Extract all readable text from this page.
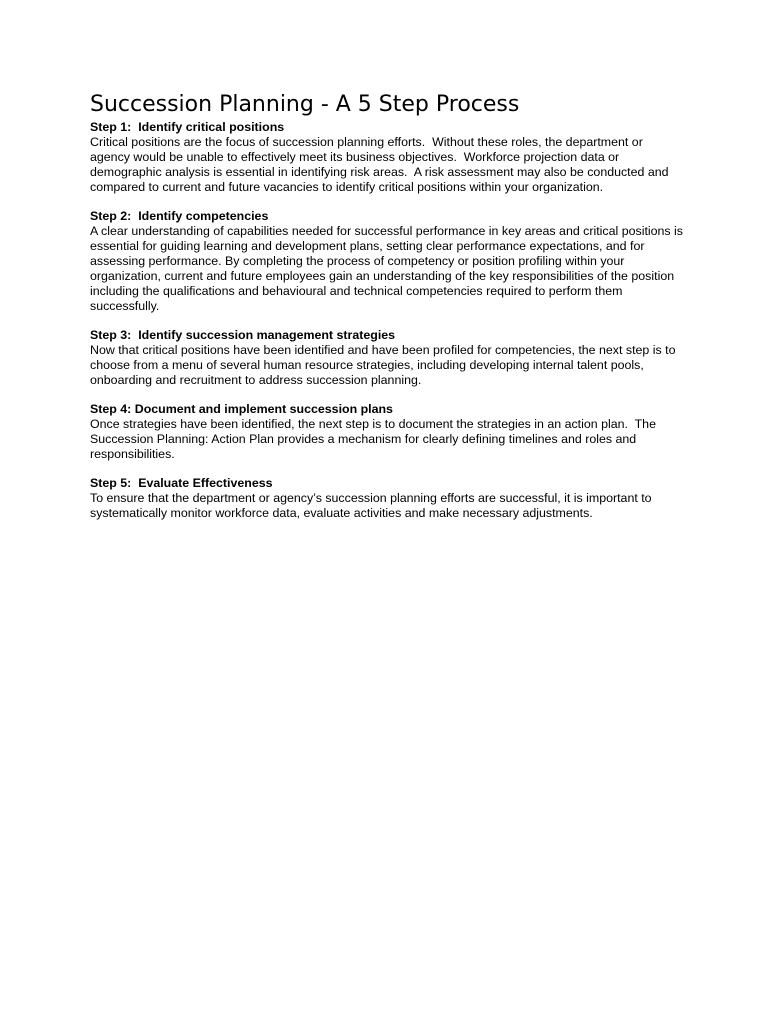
Succession Planning - A 5 Step Process

Step 1:  Identify critical positions

Critical positions are the focus of succession planning efforts.  Without these roles, the department or agency would be unable to effectively meet its business objectives.  Workforce projection data or demographic analysis is essential in identifying risk areas.  A risk assessment may also be conducted and compared to current and future vacancies to identify critical positions within your organization.

Step 2:  Identify competencies

A clear understanding of capabilities needed for successful performance in key areas and critical positions is essential for guiding learning and development plans, setting clear performance expectations, and for assessing performance. By completing the process of competency or position profiling within your organization, current and future employees gain an understanding of the key responsibilities of the position including the qualifications and behavioural and technical competencies required to perform them successfully.

Step 3:  Identify succession management strategies

Now that critical positions have been identified and have been profiled for competencies, the next step is to choose from a menu of several human resource strategies, including developing internal talent pools, onboarding and recruitment to address succession planning.

Step 4: Document and implement succession plans

Once strategies have been identified, the next step is to document the strategies in an action plan.  The Succession Planning: Action Plan provides a mechanism for clearly defining timelines and roles and responsibilities.

Step 5:  Evaluate Effectiveness

To ensure that the department or agency’s succession planning efforts are successful, it is important to systematically monitor workforce data, evaluate activities and make necessary adjustments.
